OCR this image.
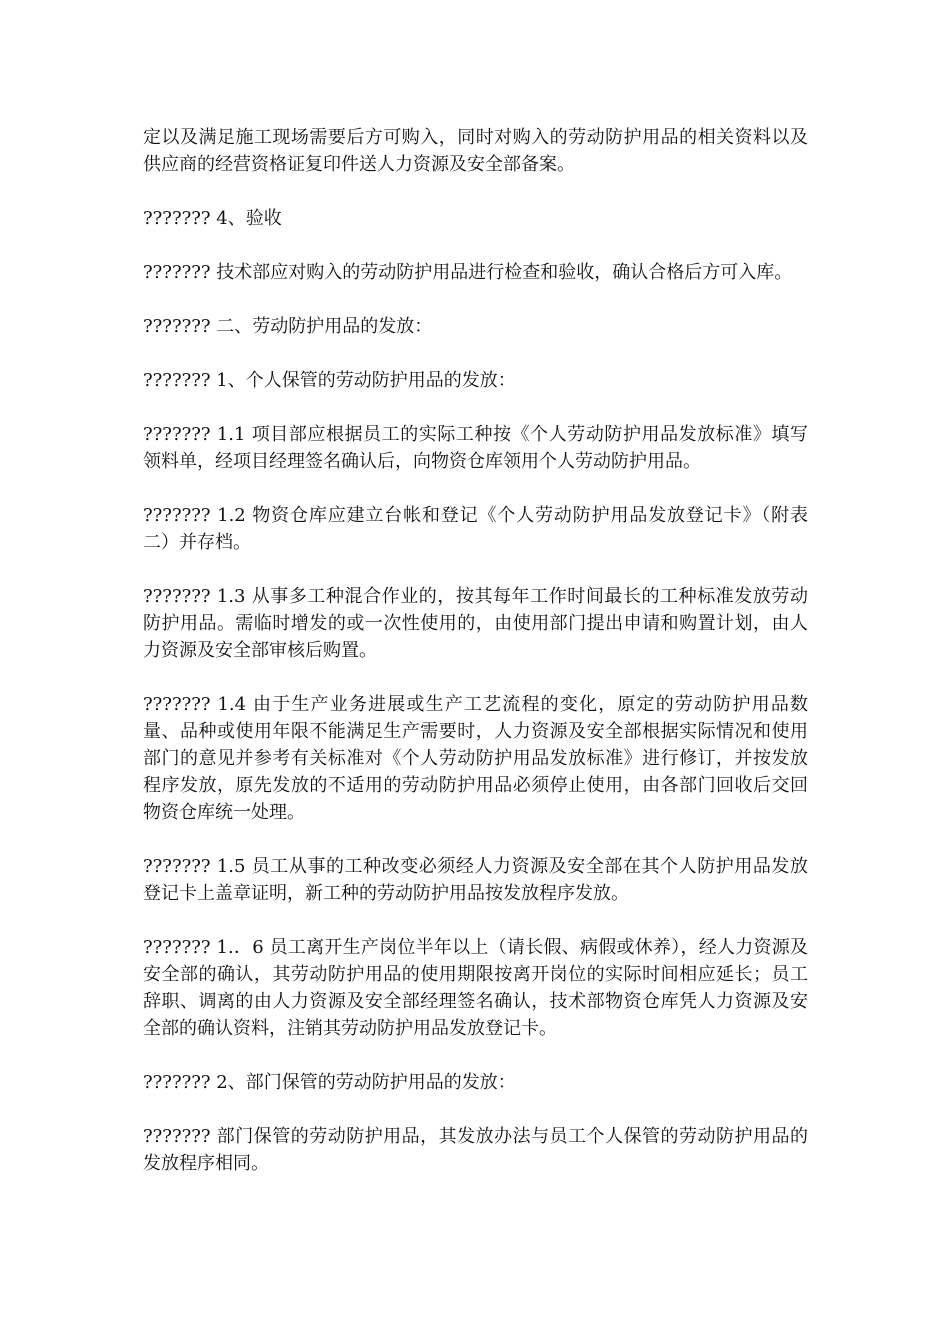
定以及满足施工现场需要后方可购入，同时对购入的劳动防护用品的相关资料以及供应商的经营资格证复印件送人力资源及安全部备案。

??????? 4、验收

??????? 技术部应对购入的劳动防护用品进行检查和验收，确认合格后方可入库。

??????? 二、劳动防护用品的发放：

??????? 1、个人保管的劳动防护用品的发放：

??????? 1.1 项目部应根据员工的实际工种按《个人劳动防护用品发放标准》填写领料单，经项目经理签名确认后，向物资仓库领用个人劳动防护用品。

??????? 1.2 物资仓库应建立台帐和登记《个人劳动防护用品发放登记卡》（附表二）并存档。

??????? 1.3 从事多工种混合作业的，按其每年工作时间最长的工种标准发放劳动防护用品。需临时增发的或一次性使用的，由使用部门提出申请和购置计划，由人力资源及安全部审核后购置。

??????? 1.4 由于生产业务进展或生产工艺流程的变化，原定的劳动防护用品数量、品种或使用年限不能满足生产需要时，人力资源及安全部根据实际情况和使用部门的意见并参考有关标准对《个人劳动防护用品发放标准》进行修订，并按发放程序发放，原先发放的不适用的劳动防护用品必须停止使用，由各部门回收后交回物资仓库统一处理。

??????? 1.5 员工从事的工种改变必须经人力资源及安全部在其个人防护用品发放登记卡上盖章证明，新工种的劳动防护用品按发放程序发放。

??????? 1.．6 员工离开生产岗位半年以上（请长假、病假或休养），经人力资源及安全部的确认，其劳动防护用品的使用期限按离开岗位的实际时间相应延长；员工辞职、调离的由人力资源及安全部经理签名确认，技术部物资仓库凭人力资源及安全部的确认资料，注销其劳动防护用品发放登记卡。

??????? 2、部门保管的劳动防护用品的发放：

??????? 部门保管的劳动防护用品，其发放办法与员工个人保管的劳动防护用品的发放程序相同。
